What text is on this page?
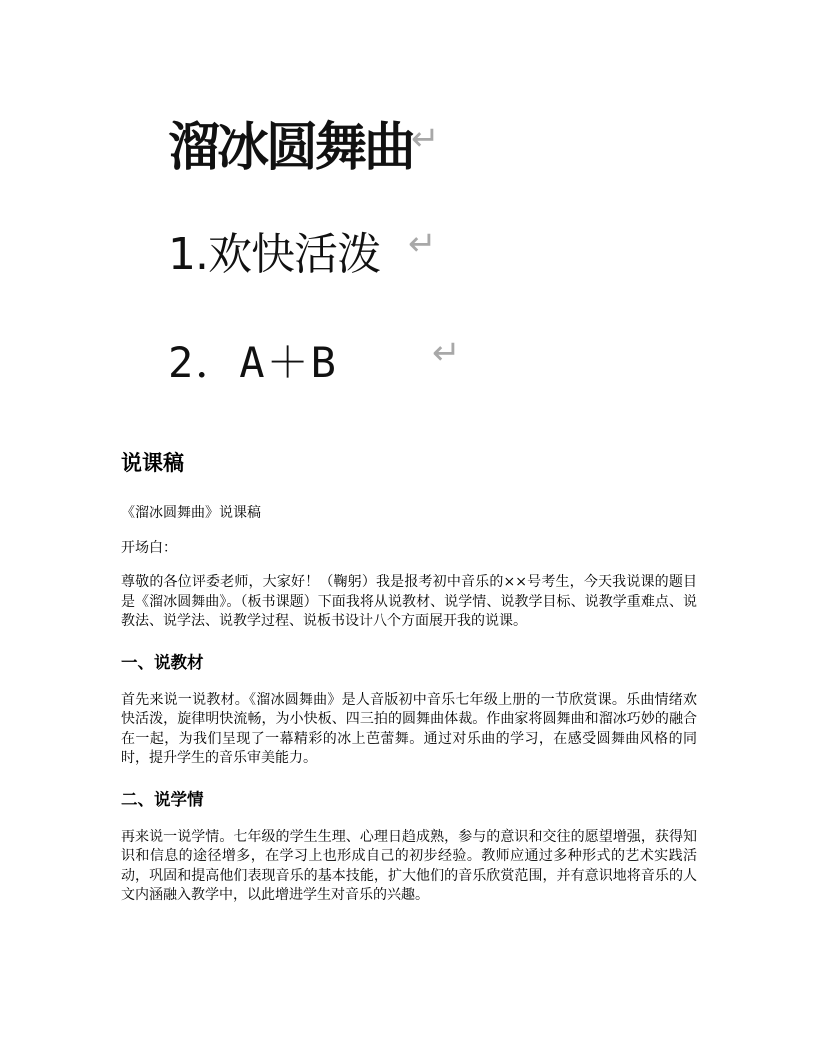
溜冰圆舞曲
↵
1.欢快活泼 ↵
2．A＋B	↵
说课稿

《溜冰圆舞曲》说课稿

开场白：

尊敬的各位评委老师，大家好！（鞠躬）我是报考初中音乐的××号考生，今天我说课的题目是《溜冰圆舞曲》。（板书课题）下面我将从说教材、说学情、说教学目标、说教学重难点、说教法、说学法、说教学过程、说板书设计八个方面展开我的说课。

一、说教材

首先来说一说教材。《溜冰圆舞曲》是人音版初中音乐七年级上册的一节欣赏课。乐曲情绪欢快活泼，旋律明快流畅，为小快板、四三拍的圆舞曲体裁。作曲家将圆舞曲和溜冰巧妙的融合在一起，为我们呈现了一幕精彩的冰上芭蕾舞。通过对乐曲的学习，在感受圆舞曲风格的同时，提升学生的音乐审美能力。

二、说学情

再来说一说学情。七年级的学生生理、心理日趋成熟，参与的意识和交往的愿望增强，获得知识和信息的途径增多，在学习上也形成自己的初步经验。教师应通过多种形式的艺术实践活动，巩固和提高他们表现音乐的基本技能，扩大他们的音乐欣赏范围，并有意识地将音乐的人文内涵融入教学中，以此增进学生对音乐的兴趣。
